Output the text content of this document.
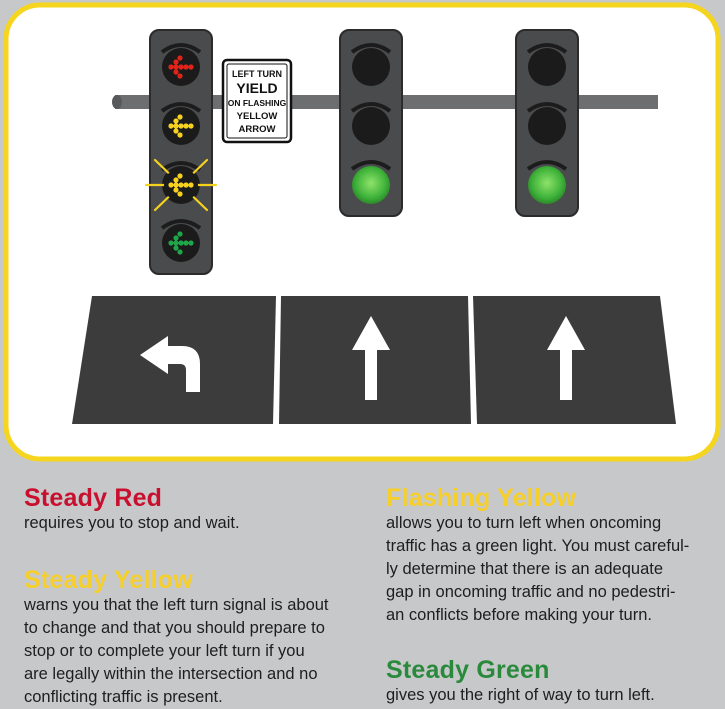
LEFT TURN
YIELD
ON FLASHING
YELLOW
ARROW
Steady Red

requires you to stop and wait.

Steady Yellow

warns you that the left turn signal is about
to change and that you should prepare to
stop or to complete your left turn if you
are legally within the intersection and no
conflicting traffic is present.

Flashing Yellow

allows you to turn left when oncoming
traffic has a green light. You must careful-
ly determine that there is an adequate
gap in oncoming traffic and no pedestri-
an conflicts before making your turn.

Steady Green

gives you the right of way to turn left.
